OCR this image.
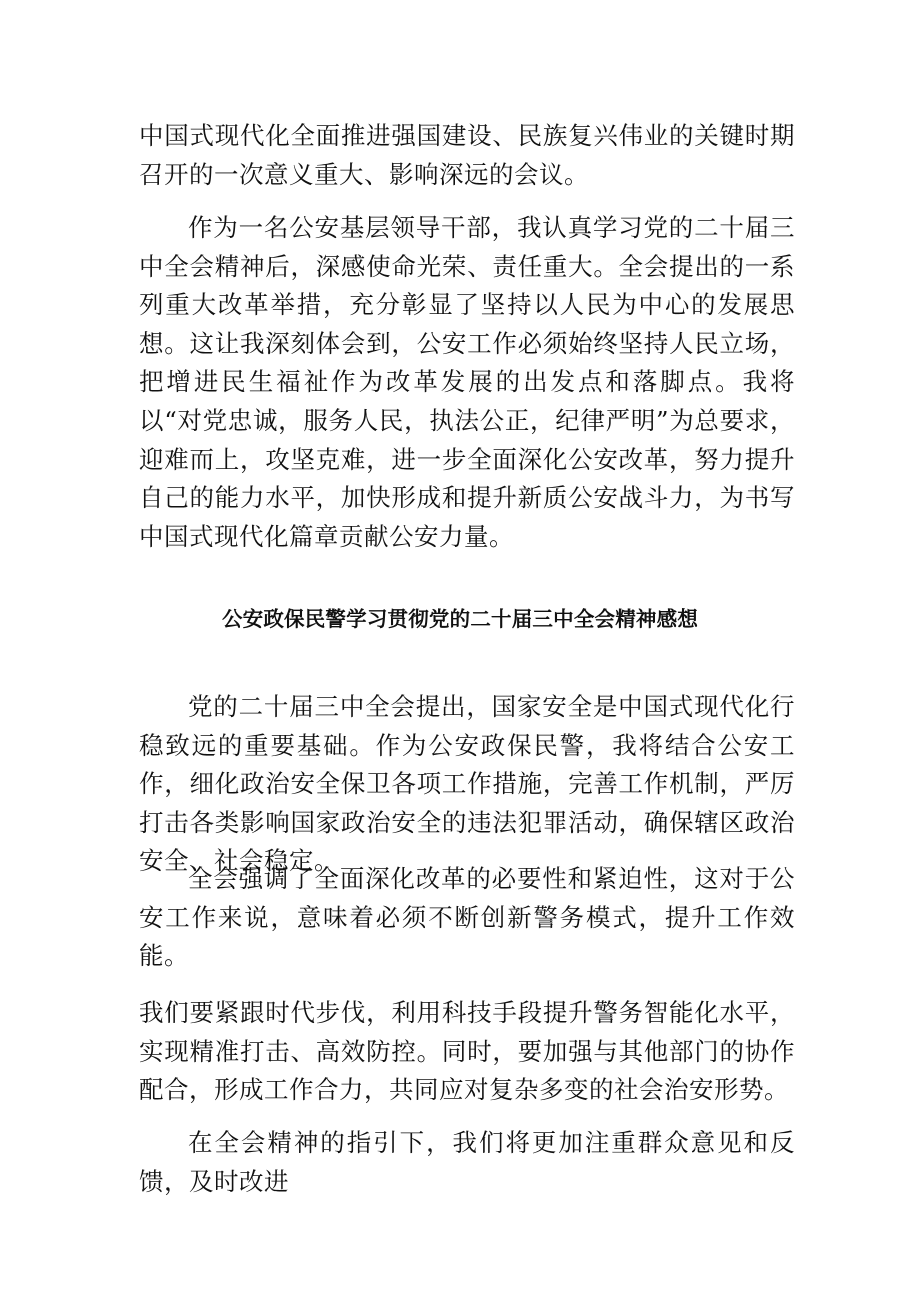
中国式现代化全面推进强国建设、民族复兴伟业的关键时期召开的一次意义重大、影响深远的会议。

作为一名公安基层领导干部，我认真学习党的二十届三中全会精神后，深感使命光荣、责任重大。全会提出的一系列重大改革举措，充分彰显了坚持以人民为中心的发展思想。这让我深刻体会到，公安工作必须始终坚持人民立场，把增进民生福祉作为改革发展的出发点和落脚点。我将以“对党忠诚，服务人民，执法公正，纪律严明”为总要求，迎难而上，攻坚克难，进一步全面深化公安改革，努力提升自己的能力水平，加快形成和提升新质公安战斗力，为书写中国式现代化篇章贡献公安力量。

公安政保民警学习贯彻党的二十届三中全会精神感想

党的二十届三中全会提出，国家安全是中国式现代化行稳致远的重要基础。作为公安政保民警，我将结合公安工作，细化政治安全保卫各项工作措施，完善工作机制，严厉打击各类影响国家政治安全的违法犯罪活动，确保辖区政治安全、社会稳定。

全会强调了全面深化改革的必要性和紧迫性，这对于公安工作来说，意味着必须不断创新警务模式，提升工作效能。

我们要紧跟时代步伐，利用科技手段提升警务智能化水平，实现精准打击、高效防控。同时，要加强与其他部门的协作配合，形成工作合力，共同应对复杂多变的社会治安形势。

在全会精神的指引下，我们将更加注重群众意见和反馈，及时改进
